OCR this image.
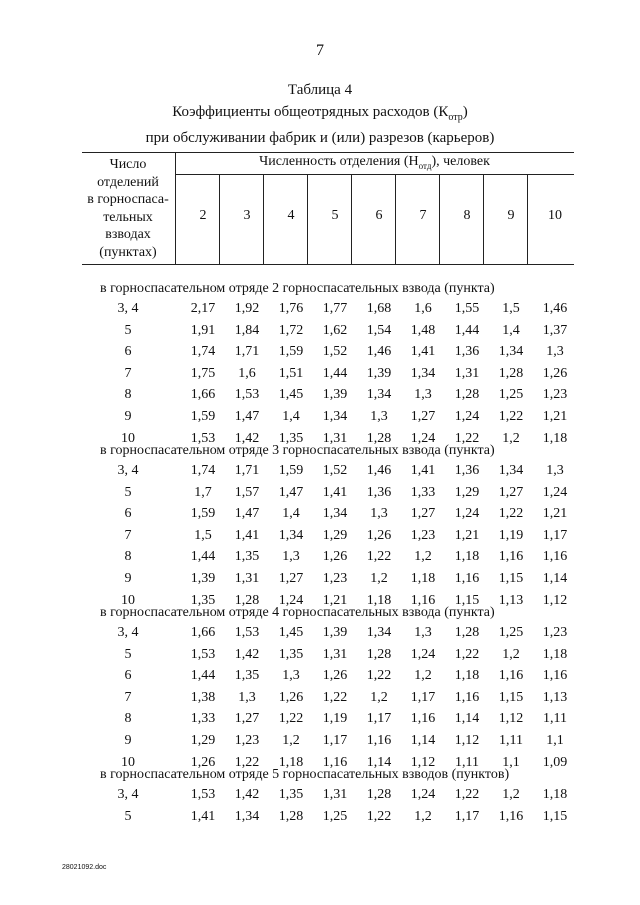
7
Таблица 4
Коэффициенты общеотрядных расходов $(К_{отр})$
при обслуживании фабрик и (или) разрезов (карьеров)
Число
отделений
в горноспаса-
тельных
взводах
(пунктах)
Численность отделения $(Н_{отд})$, человек
2	3	4	5	6	7	8	9	10
в горноспасательном отряде 2 горноспасательных взвода (пункта)
3, 4	2,17	1,92	1,76	1,77	1,68	1,6	1,55	1,5	1,46
5	1,91	1,84	1,72	1,62	1,54	1,48	1,44	1,4	1,37
6	1,74	1,71	1,59	1,52	1,46	1,41	1,36	1,34	1,3
7	1,75	1,6	1,51	1,44	1,39	1,34	1,31	1,28	1,26
8	1,66	1,53	1,45	1,39	1,34	1,3	1,28	1,25	1,23
9	1,59	1,47	1,4	1,34	1,3	1,27	1,24	1,22	1,21
10	1,53	1,42	1,35	1,31	1,28	1,24	1,22	1,2	1,18
в горноспасательном отряде 3 горноспасательных взвода (пункта)
3, 4	1,74	1,71	1,59	1,52	1,46	1,41	1,36	1,34	1,3
5	1,7	1,57	1,47	1,41	1,36	1,33	1,29	1,27	1,24
6	1,59	1,47	1,4	1,34	1,3	1,27	1,24	1,22	1,21
7	1,5	1,41	1,34	1,29	1,26	1,23	1,21	1,19	1,17
8	1,44	1,35	1,3	1,26	1,22	1,2	1,18	1,16	1,16
9	1,39	1,31	1,27	1,23	1,2	1,18	1,16	1,15	1,14
10	1,35	1,28	1,24	1,21	1,18	1,16	1,15	1,13	1,12
в горноспасательном отряде 4 горноспасательных взвода (пункта)
3, 4	1,66	1,53	1,45	1,39	1,34	1,3	1,28	1,25	1,23
5	1,53	1,42	1,35	1,31	1,28	1,24	1,22	1,2	1,18
6	1,44	1,35	1,3	1,26	1,22	1,2	1,18	1,16	1,16
7	1,38	1,3	1,26	1,22	1,2	1,17	1,16	1,15	1,13
8	1,33	1,27	1,22	1,19	1,17	1,16	1,14	1,12	1,11
9	1,29	1,23	1,2	1,17	1,16	1,14	1,12	1,11	1,1
10	1,26	1,22	1,18	1,16	1,14	1,12	1,11	1,1	1,09
в горноспасательном отряде 5 горноспасательных взводов (пунктов)
3, 4	1,53	1,42	1,35	1,31	1,28	1,24	1,22	1,2	1,18
5	1,41	1,34	1,28	1,25	1,22	1,2	1,17	1,16	1,15
28021092.doc
